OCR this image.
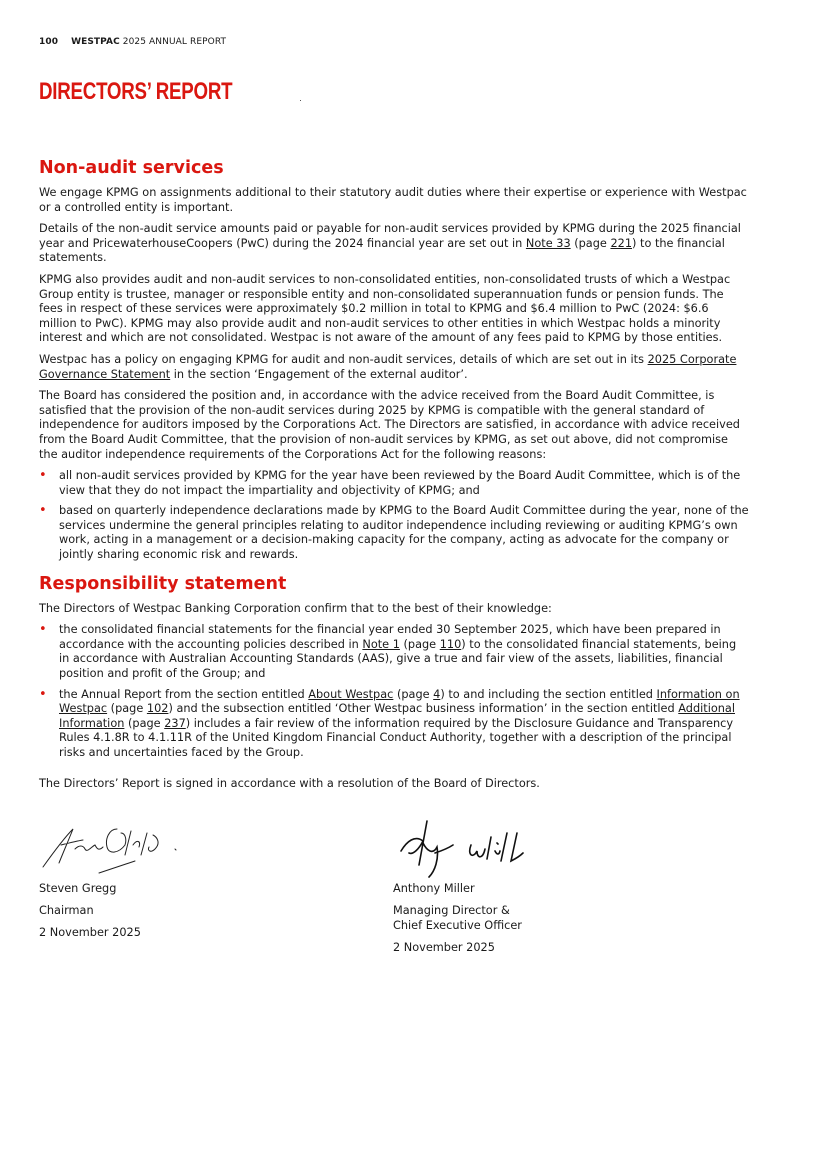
100 WESTPAC 2025 ANNUAL REPORT
DIRECTORS’ REPORT
Non-audit services

We engage KPMG on assignments additional to their statutory audit duties where their expertise or experience with Westpac or a controlled entity is important.

Details of the non-audit service amounts paid or payable for non-audit services provided by KPMG during the 2025 financial year and PricewaterhouseCoopers (PwC) during the 2024 financial year are set out in Note 33 (page 221) to the financial statements.

KPMG also provides audit and non-audit services to non-consolidated entities, non-consolidated trusts of which a Westpac Group entity is trustee, manager or responsible entity and non-consolidated superannuation funds or pension funds. The fees in respect of these services were approximately $0.2 million in total to KPMG and $6.4 million to PwC (2024: $6.6 million to PwC). KPMG may also provide audit and non-audit services to other entities in which Westpac holds a minority interest and which are not consolidated. Westpac is not aware of the amount of any fees paid to KPMG by those entities.

Westpac has a policy on engaging KPMG for audit and non-audit services, details of which are set out in its 2025 Corporate Governance Statement in the section ‘Engagement of the external auditor’.

The Board has considered the position and, in accordance with the advice received from the Board Audit Committee, is satisfied that the provision of the non-audit services during 2025 by KPMG is compatible with the general standard of independence for auditors imposed by the Corporations Act. The Directors are satisfied, in accordance with advice received from the Board Audit Committee, that the provision of non-audit services by KPMG, as set out above, did not compromise the auditor independence requirements of the Corporations Act for the following reasons:

• all non-audit services provided by KPMG for the year have been reviewed by the Board Audit Committee, which is of the view that they do not impact the impartiality and objectivity of KPMG; and
• based on quarterly independence declarations made by KPMG to the Board Audit Committee during the year, none of the services undermine the general principles relating to auditor independence including reviewing or auditing KPMG’s own work, acting in a management or a decision-making capacity for the company, acting as advocate for the company or jointly sharing economic risk and rewards.
Responsibility statement

The Directors of Westpac Banking Corporation confirm that to the best of their knowledge:

• the consolidated financial statements for the financial year ended 30 September 2025, which have been prepared in accordance with the accounting policies described in Note 1 (page 110) to the consolidated financial statements, being in accordance with Australian Accounting Standards (AAS), give a true and fair view of the assets, liabilities, financial position and profit of the Group; and
• the Annual Report from the section entitled About Westpac (page 4) to and including the section entitled Information on Westpac (page 102) and the subsection entitled ‘Other Westpac business information’ in the section entitled Additional Information (page 237) includes a fair review of the information required by the Disclosure Guidance and Transparency Rules 4.1.8R to 4.1.11R of the United Kingdom Financial Conduct Authority, together with a description of the principal risks and uncertainties faced by the Group.

The Directors’ Report is signed in accordance with a resolution of the Board of Directors.

Steven Gregg

Chairman

2 November 2025

Anthony Miller

Managing Director &

Chief Executive Officer

2 November 2025
